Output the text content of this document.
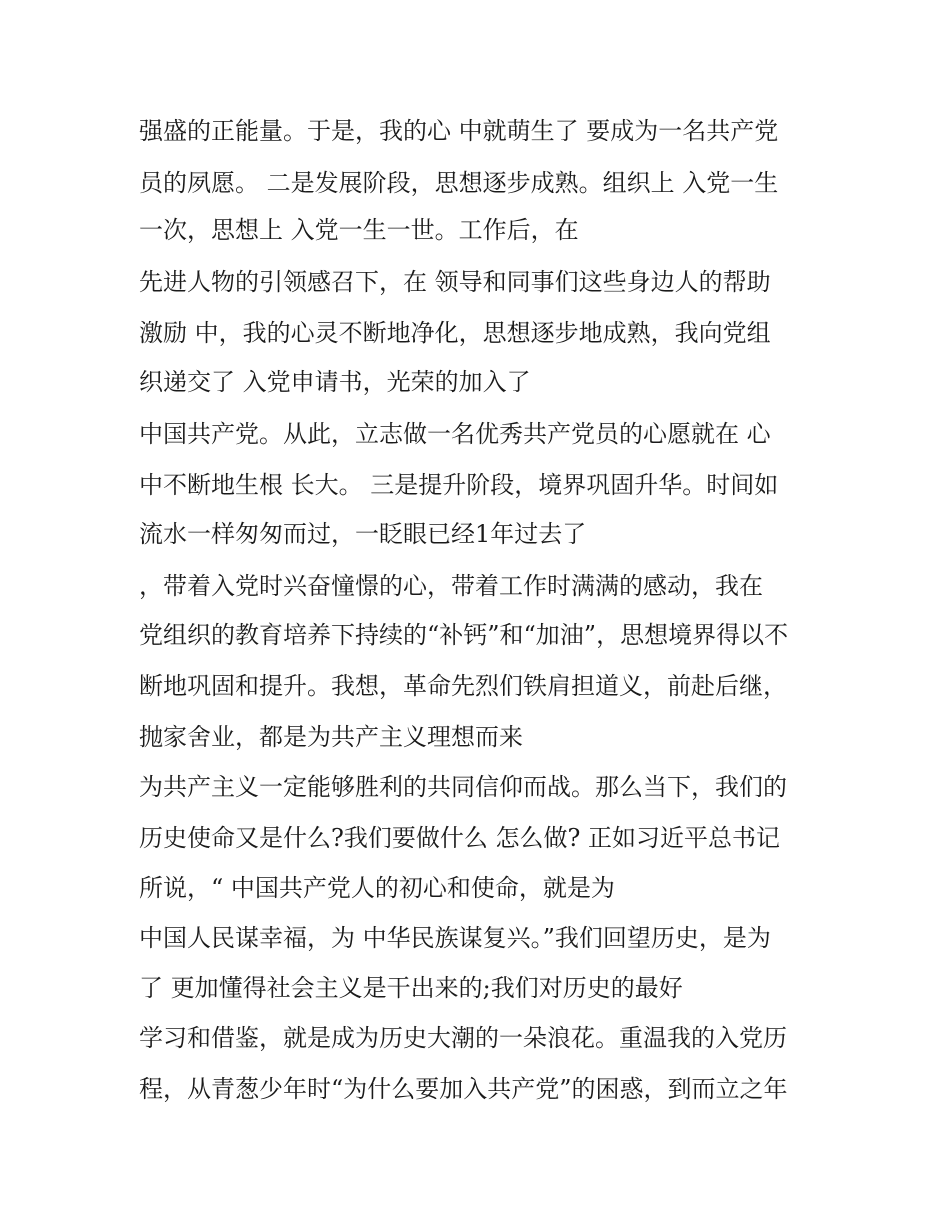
强盛的正能量。于是，我的心 中就萌生了 要成为一名共产党
员的夙愿。 二是发展阶段，思想逐步成熟。组织上 入党一生
一次，思想上 入党一生一世。工作后，在
先进人物的引领感召下，在 领导和同事们这些身边人的帮助
激励 中，我的心灵不断地净化，思想逐步地成熟，我向党组
织递交了 入党申请书，光荣的加入了
中国共产党。从此，立志做一名优秀共产党员的心愿就在 心
中不断地生根 长大。 三是提升阶段，境界巩固升华。时间如
流水一样匆匆而过，一眨眼已经1年过去了
，带着入党时兴奋憧憬的心，带着工作时满满的感动，我在
党组织的教育培养下持续的“补钙”和“加油”，思想境界得以不
断地巩固和提升。我想，革命先烈们铁肩担道义，前赴后继，
抛家舍业，都是为共产主义理想而来
为共产主义一定能够胜利的共同信仰而战。那么当下，我们的
历史使命又是什么?我们要做什么 怎么做? 正如习近平总书记
所说，“ 中国共产党人的初心和使命，就是为
中国人民谋幸福，为 中华民族谋复兴。”我们回望历史，是为
了 更加懂得社会主义是干出来的;我们对历史的最好
学习和借鉴，就是成为历史大潮的一朵浪花。重温我的入党历
程，从青葱少年时“为什么要加入共产党”的困惑，到而立之年
